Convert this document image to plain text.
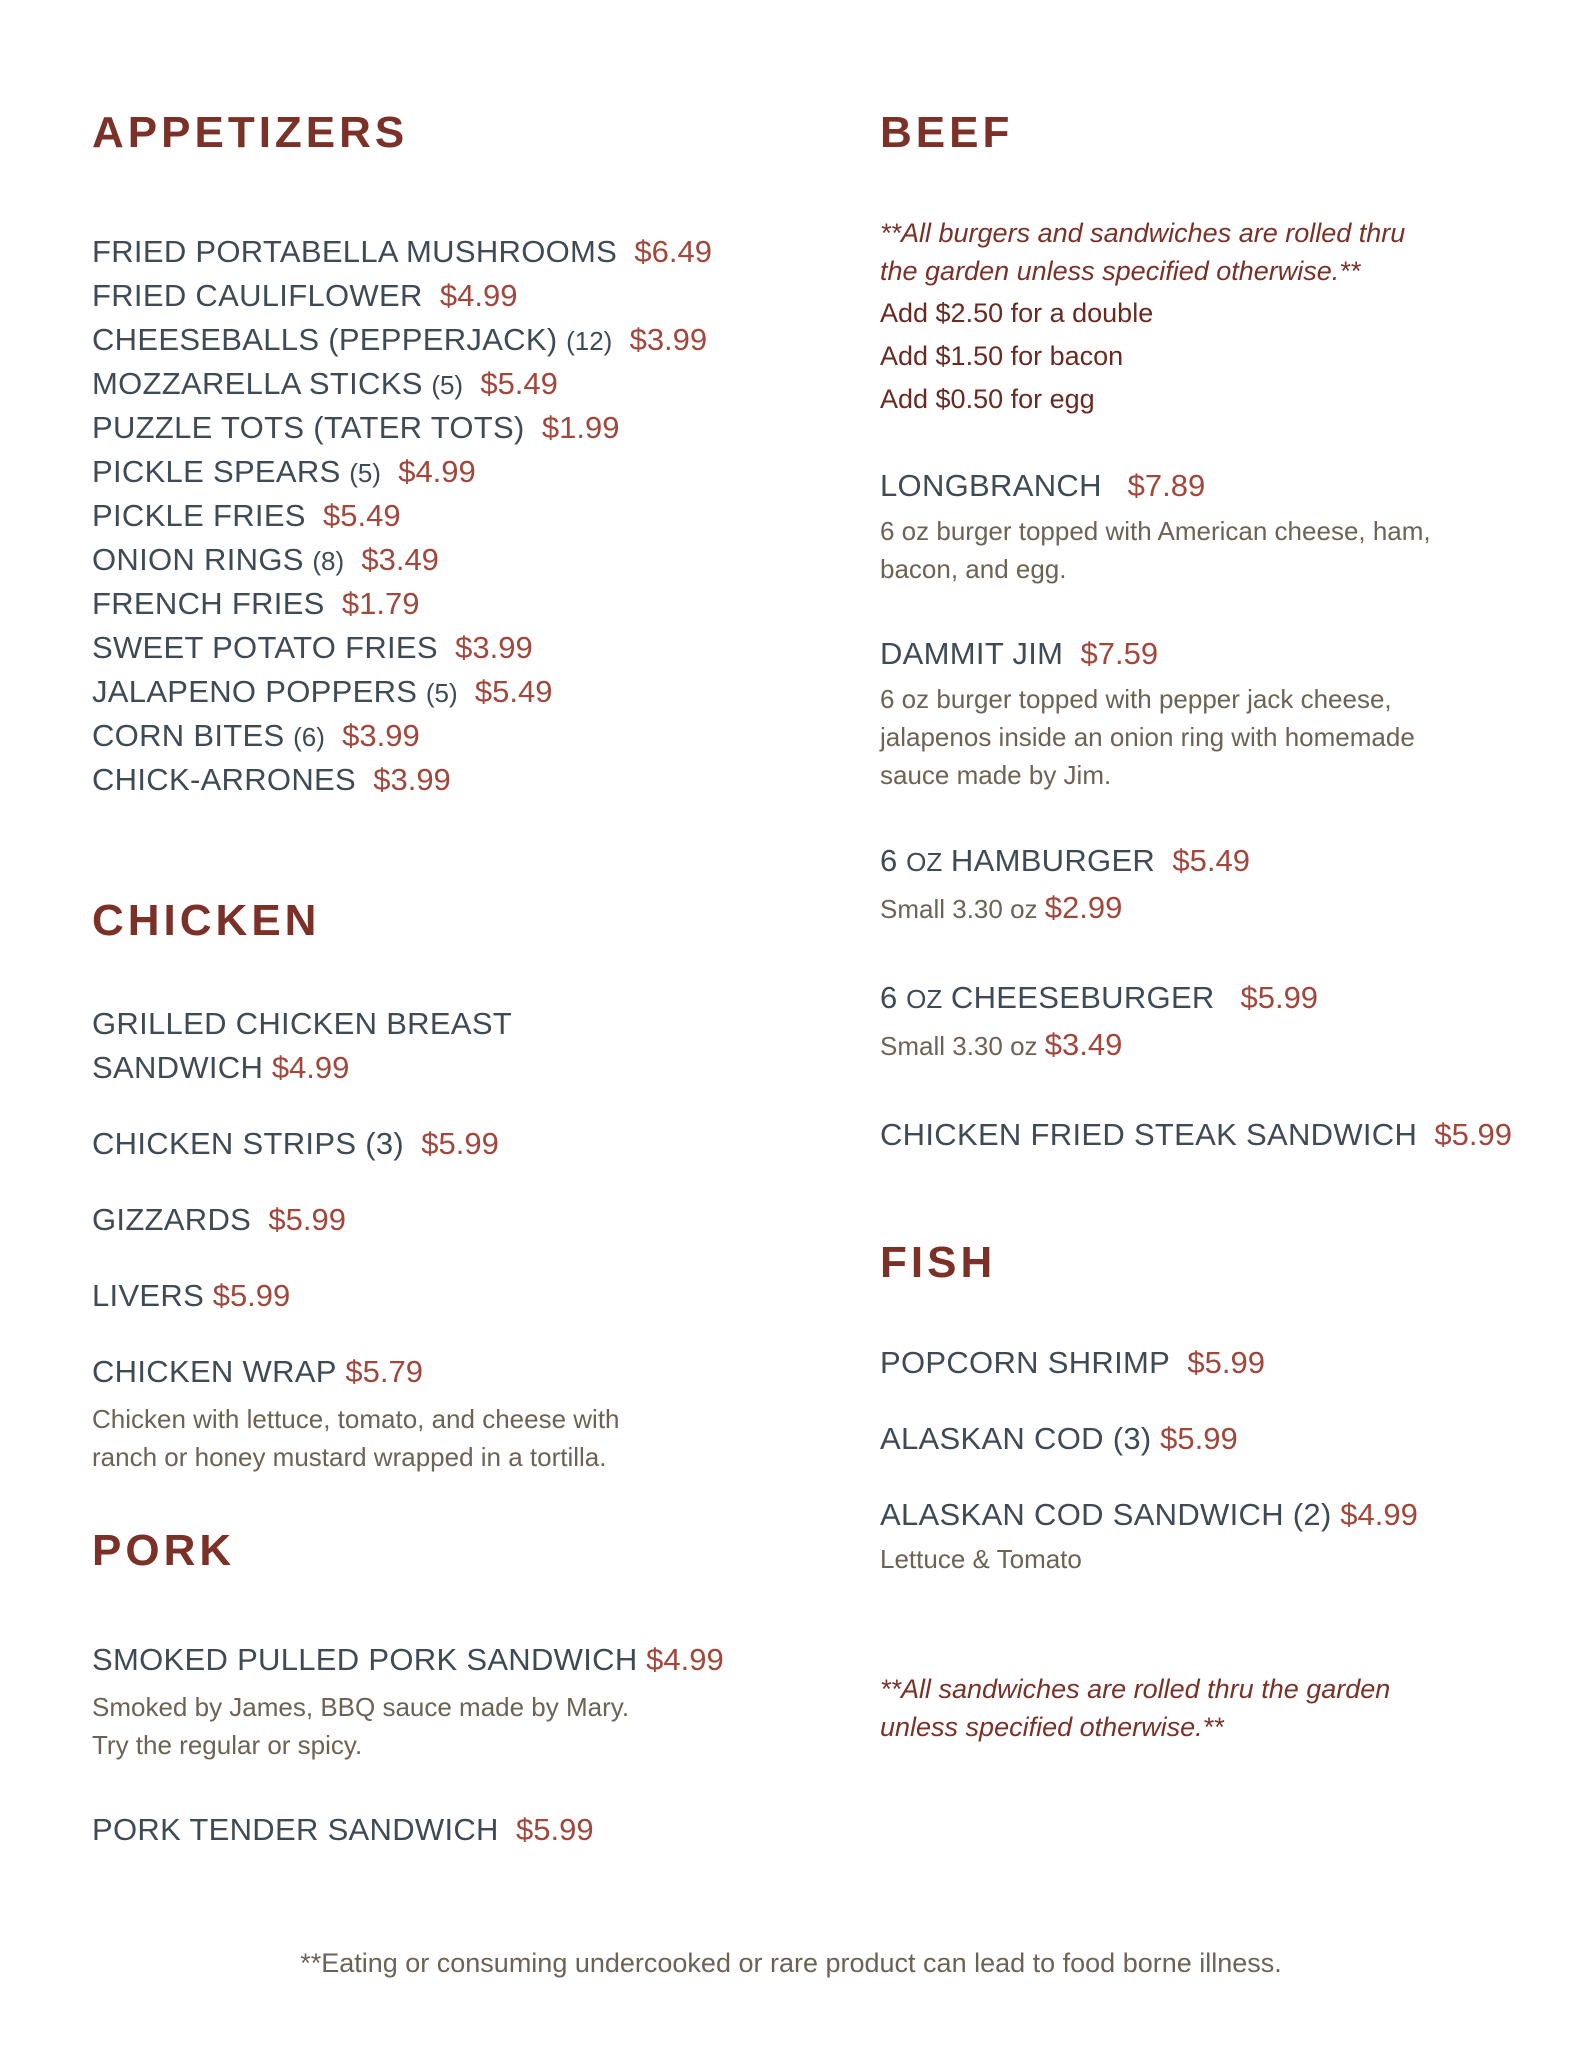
APPETIZERS
FRIED PORTABELLA MUSHROOMS $6.49
FRIED CAULIFLOWER $4.99
CHEESEBALLS (PEPPERJACK) (12) $3.99
MOZZARELLA STICKS (5) $5.49
PUZZLE TOTS (TATER TOTS) $1.99
PICKLE SPEARS (5) $4.99
PICKLE FRIES $5.49
ONION RINGS (8) $3.49
FRENCH FRIES $1.79
SWEET POTATO FRIES $3.99
JALAPENO POPPERS (5) $5.49
CORN BITES (6) $3.99
CHICK-ARRONES $3.99
CHICKEN
GRILLED CHICKEN BREAST
SANDWICH $4.99
CHICKEN STRIPS (3) $5.99
GIZZARDS $5.99
LIVERS $5.99
CHICKEN WRAP $5.79
Chicken with lettuce, tomato, and cheese with
ranch or honey mustard wrapped in a tortilla.
PORK
SMOKED PULLED PORK SANDWICH $4.99
Smoked by James, BBQ sauce made by Mary.
Try the regular or spicy.
PORK TENDER SANDWICH $5.99
BEEF
**All burgers and sandwiches are rolled thru
the garden unless specified otherwise.**
Add $2.50 for a double
Add $1.50 for bacon
Add $0.50 for egg
LONGBRANCH $7.89
6 oz burger topped with American cheese, ham,
bacon, and egg.
DAMMIT JIM $7.59
6 oz burger topped with pepper jack cheese,
jalapenos inside an onion ring with homemade
sauce made by Jim.
6 OZ HAMBURGER $5.49
Small 3.30 oz $2.99
6 OZ CHEESEBURGER $5.99
Small 3.30 oz $3.49
CHICKEN FRIED STEAK SANDWICH $5.99
FISH
POPCORN SHRIMP $5.99
ALASKAN COD (3) $5.99
ALASKAN COD SANDWICH (2) $4.99
Lettuce & Tomato
**All sandwiches are rolled thru the garden
unless specified otherwise.**
**Eating or consuming undercooked or rare product can lead to food borne illness.
